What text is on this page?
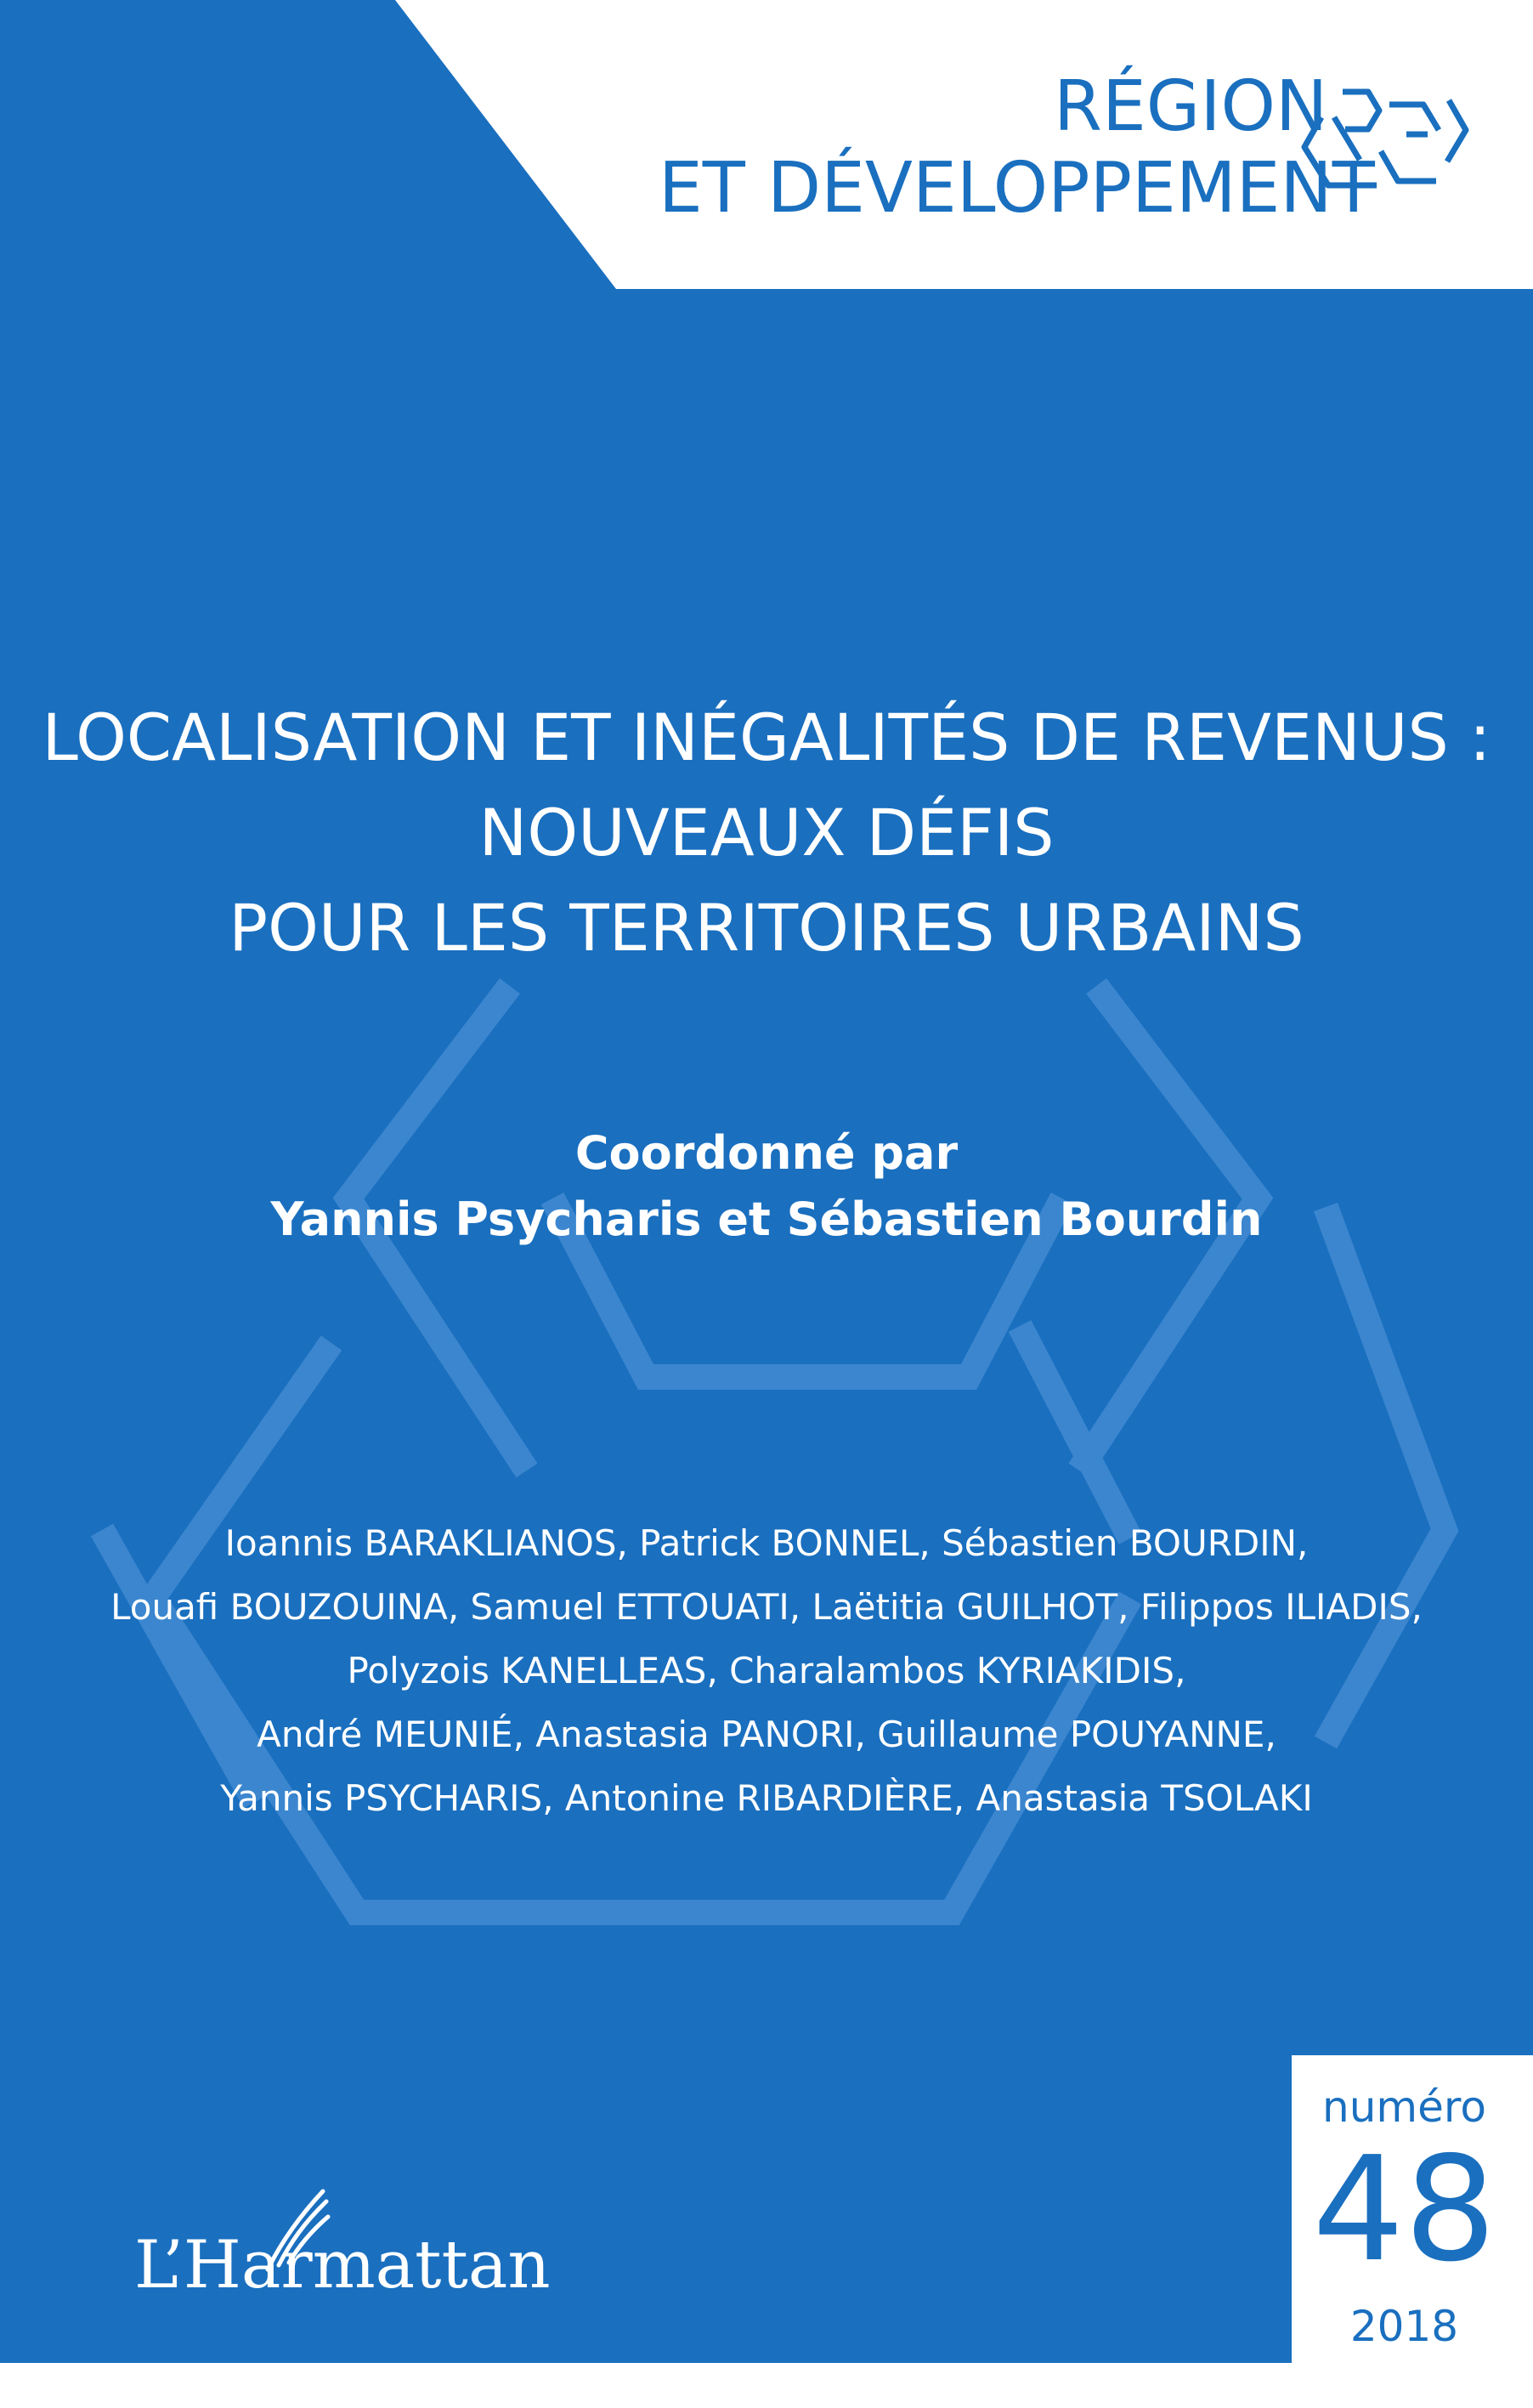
RÉGION
ET DÉVELOPPEMENT
LOCALISATION ET INÉGALITÉS DE REVENUS :
NOUVEAUX DÉFIS
POUR LES TERRITOIRES URBAINS
Coordonné par
Yannis Psycharis et Sébastien Bourdin
Ioannis BARAKLIANOS, Patrick BONNEL, Sébastien BOURDIN,
Louafi BOUZOUINA, Samuel ETTOUATI, Laëtitia GUILHOT, Filippos ILIADIS,
Polyzois KANELLEAS, Charalambos KYRIAKIDIS,
André MEUNIÉ, Anastasia PANORI, Guillaume POUYANNE,
Yannis PSYCHARIS, Antonine RIBARDIÈRE, Anastasia TSOLAKI
L’Harmattan
numéro
48
2018
